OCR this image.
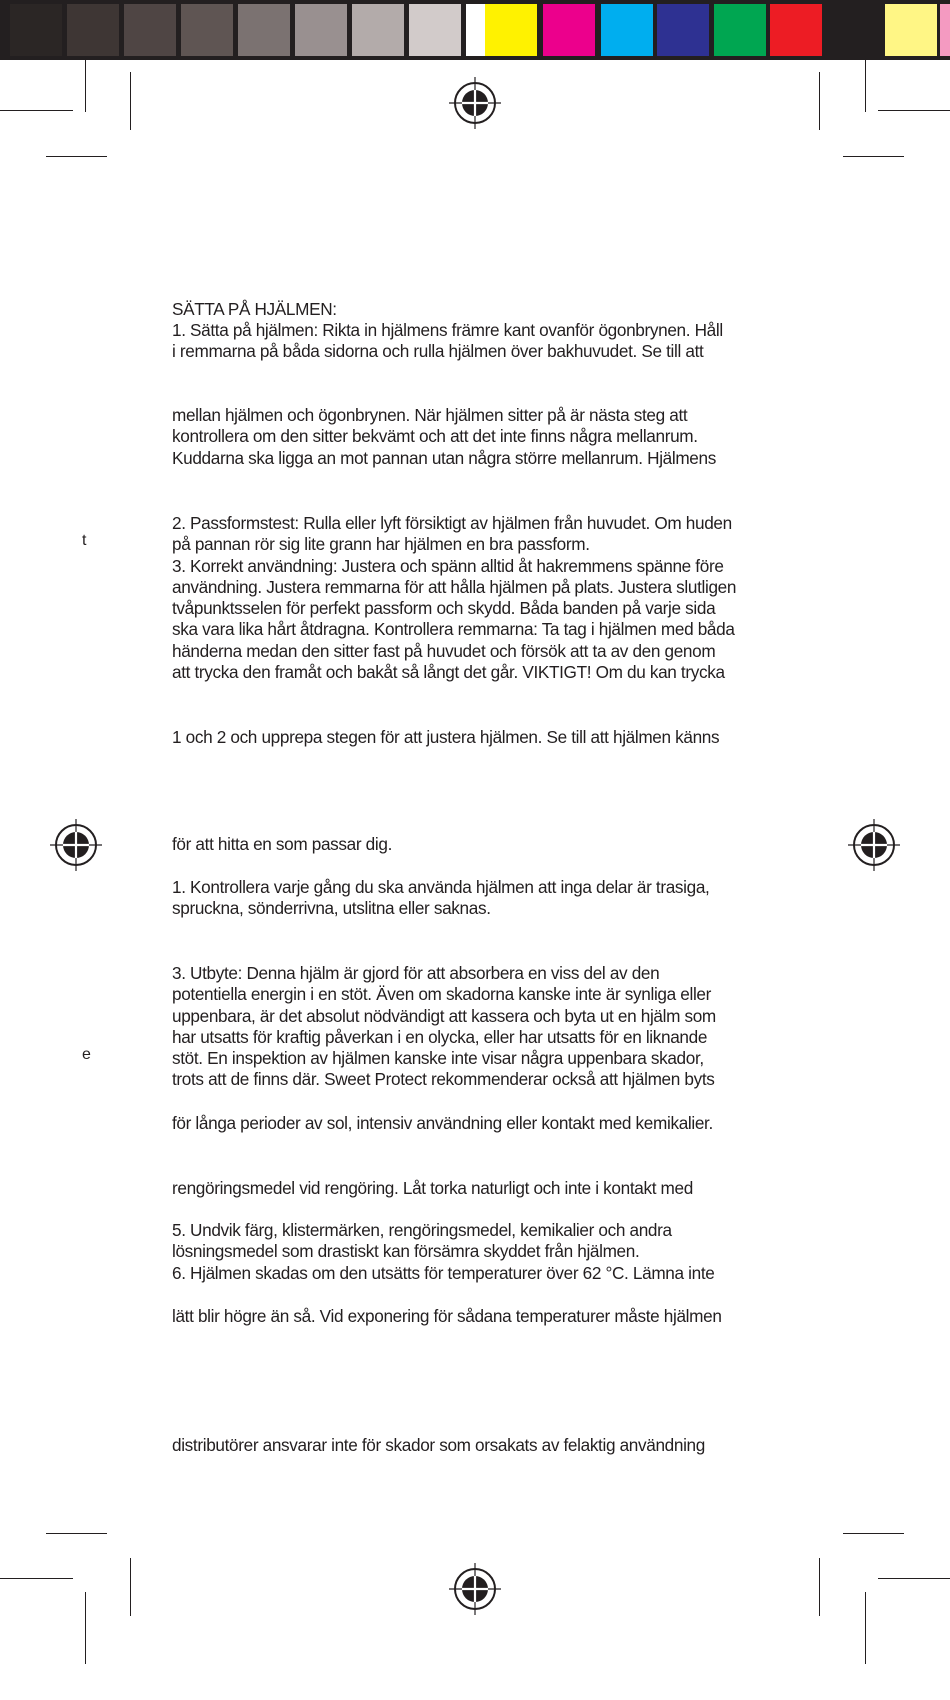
t
e
SÄTTA PÅ HJÄLMEN:
1. Sätta på hjälmen: Rikta in hjälmens främre kant ovanför ögonbrynen. Håll
i remmarna på båda sidorna och rulla hjälmen över bakhuvudet. Se till att
mellan hjälmen och ögonbrynen. När hjälmen sitter på är nästa steg att
kontrollera om den sitter bekvämt och att det inte finns några mellanrum.
Kuddarna ska ligga an mot pannan utan några större mellanrum. Hjälmens
2. Passformstest: Rulla eller lyft försiktigt av hjälmen från huvudet. Om huden
på pannan rör sig lite grann har hjälmen en bra passform.
3. Korrekt användning: Justera och spänn alltid åt hakremmens spänne före
användning. Justera remmarna för att hålla hjälmen på plats. Justera slutligen
tvåpunktsselen för perfekt passform och skydd. Båda banden på varje sida
ska vara lika hårt åtdragna. Kontrollera remmarna: Ta tag i hjälmen med båda
händerna medan den sitter fast på huvudet och försök att ta av den genom
att trycka den framåt och bakåt så långt det går. VIKTIGT! Om du kan trycka
1 och 2 och upprepa stegen för att justera hjälmen. Se till att hjälmen känns
för att hitta en som passar dig.
1. Kontrollera varje gång du ska använda hjälmen att inga delar är trasiga,
spruckna, sönderrivna, utslitna eller saknas.
3. Utbyte: Denna hjälm är gjord för att absorbera en viss del av den
potentiella energin i en stöt. Även om skadorna kanske inte är synliga eller
uppenbara, är det absolut nödvändigt att kassera och byta ut en hjälm som
har utsatts för kraftig påverkan i en olycka, eller har utsatts för en liknande
stöt. En inspektion av hjälmen kanske inte visar några uppenbara skador,
trots att de finns där. Sweet Protect rekommenderar också att hjälmen byts
för långa perioder av sol, intensiv användning eller kontakt med kemikalier.
rengöringsmedel vid rengöring. Låt torka naturligt och inte i kontakt med
5. Undvik färg, klistermärken, rengöringsmedel, kemikalier och andra
lösningsmedel som drastiskt kan försämra skyddet från hjälmen.
6. Hjälmen skadas om den utsätts för temperaturer över 62 °C. Lämna inte
lätt blir högre än så. Vid exponering för sådana temperaturer måste hjälmen
distributörer ansvarar inte för skador som orsakats av felaktig användning
